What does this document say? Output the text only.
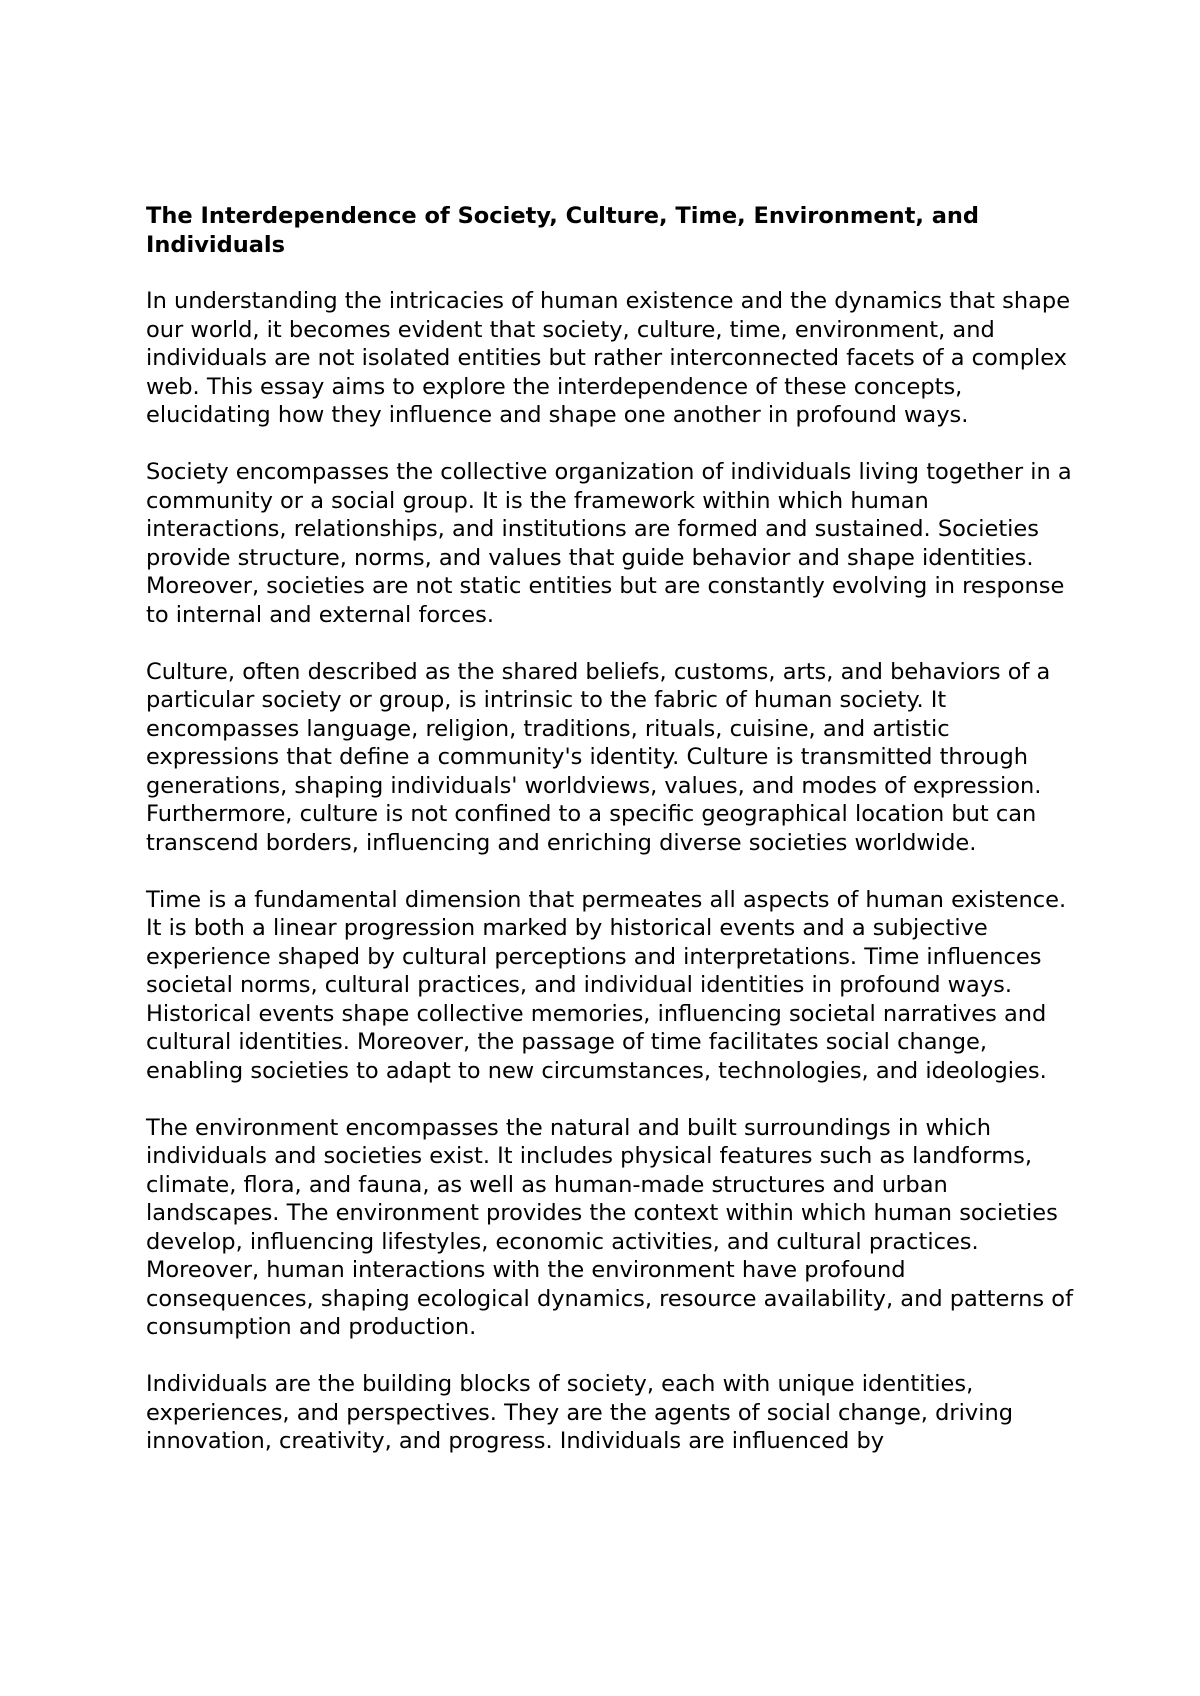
The Interdependence of Society, Culture, Time, Environment, and Individuals

In understanding the intricacies of human existence and the dynamics that shape our world, it becomes evident that society, culture, time, environment, and individuals are not isolated entities but rather interconnected facets of a complex web. This essay aims to explore the interdependence of these concepts, elucidating how they influence and shape one another in profound ways.

Society encompasses the collective organization of individuals living together in a community or a social group. It is the framework within which human interactions, relationships, and institutions are formed and sustained. Societies provide structure, norms, and values that guide behavior and shape identities. Moreover, societies are not static entities but are constantly evolving in response to internal and external forces.

Culture, often described as the shared beliefs, customs, arts, and behaviors of a particular society or group, is intrinsic to the fabric of human society. It encompasses language, religion, traditions, rituals, cuisine, and artistic expressions that define a community's identity. Culture is transmitted through generations, shaping individuals' worldviews, values, and modes of expression. Furthermore, culture is not confined to a specific geographical location but can transcend borders, influencing and enriching diverse societies worldwide.

Time is a fundamental dimension that permeates all aspects of human existence. It is both a linear progression marked by historical events and a subjective experience shaped by cultural perceptions and interpretations. Time influences societal norms, cultural practices, and individual identities in profound ways. Historical events shape collective memories, influencing societal narratives and cultural identities. Moreover, the passage of time facilitates social change, enabling societies to adapt to new circumstances, technologies, and ideologies.

The environment encompasses the natural and built surroundings in which individuals and societies exist. It includes physical features such as landforms, climate, flora, and fauna, as well as human-made structures and urban landscapes. The environment provides the context within which human societies develop, influencing lifestyles, economic activities, and cultural practices. Moreover, human interactions with the environment have profound consequences, shaping ecological dynamics, resource availability, and patterns of consumption and production.

Individuals are the building blocks of society, each with unique identities, experiences, and perspectives. They are the agents of social change, driving innovation, creativity, and progress. Individuals are influenced by
